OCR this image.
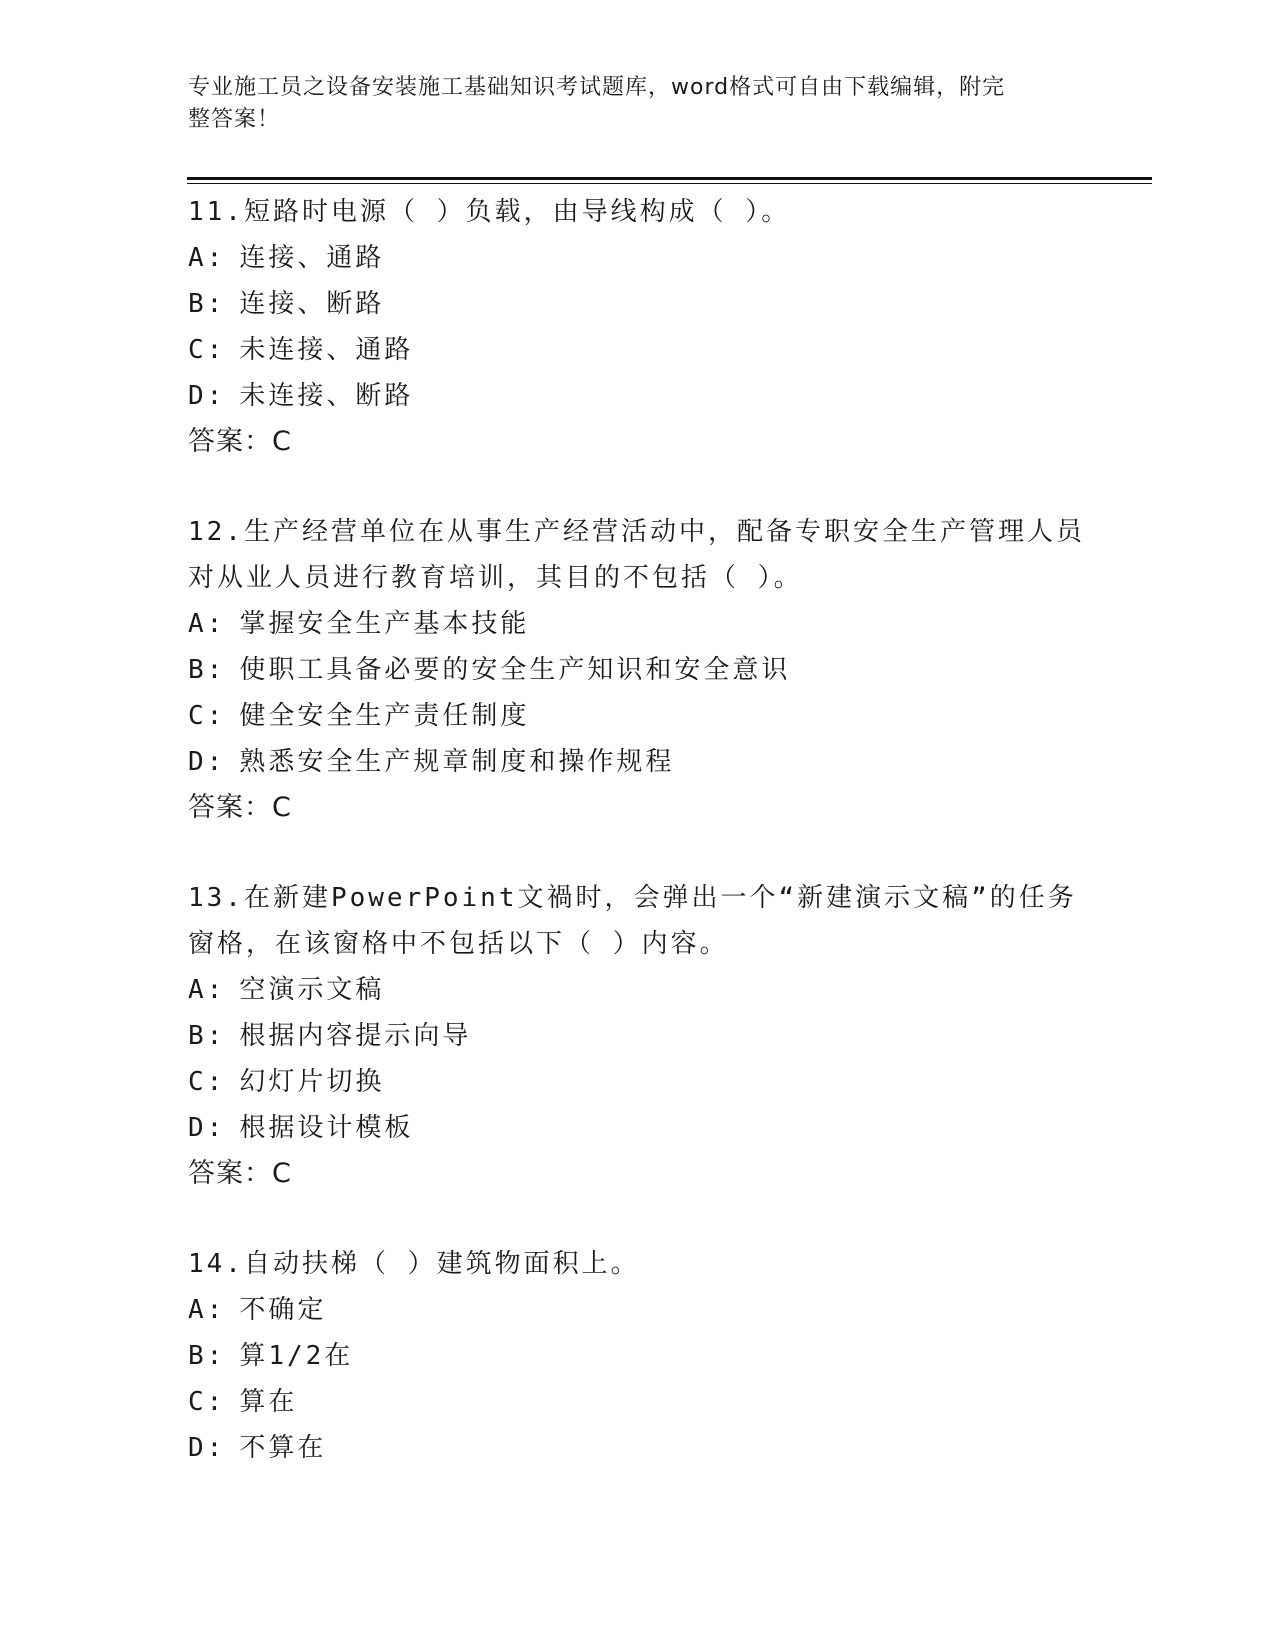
专业施工员之设备安装施工基础知识考试题库，word格式可自由下载编辑，附完
整答案！
11.短路时电源（ ）负载，由导线构成（ ）。
A: 连接、通路
B: 连接、断路
C: 未连接、通路
D: 未连接、断路
答案：C
12.生产经营单位在从事生产经营活动中，配备专职安全生产管理人员
对从业人员进行教育培训，其目的不包括（ ）。
A: 掌握安全生产基本技能
B: 使职工具备必要的安全生产知识和安全意识
C: 健全安全生产责任制度
D: 熟悉安全生产规章制度和操作规程
答案：C
13.在新建PowerPoint文禍时，会弹出一个“新建演示文稿”的任务
窗格，在该窗格中不包括以下（ ）内容。
A: 空演示文稿
B: 根据内容提示向导
C: 幻灯片切换
D: 根据设计模板
答案：C
14.自动扶梯（ ）建筑物面积上。
A: 不确定
B: 算1/2在
C: 算在
D: 不算在
